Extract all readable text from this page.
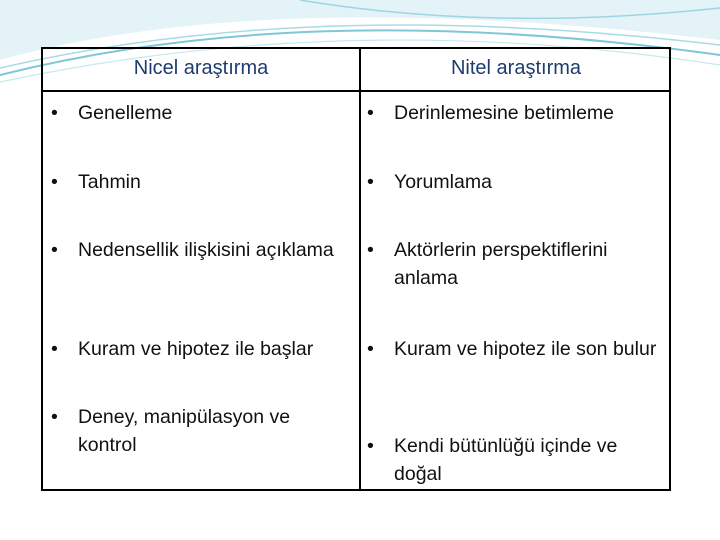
Nicel araştırma	Nitel araştırma
•	Genelleme	•	Derinlemesine betimleme
•	Tahmin	•	Yorumlama
•	Nedensellik ilişkisini açıklama	•	Aktörlerin perspektiflerini anlama
•	Kuram ve hipotez ile başlar	•	Kuram ve hipotez ile son bulur
•	Deney, manipülasyon ve kontrol	•	Kendi bütünlüğü içinde ve doğal
